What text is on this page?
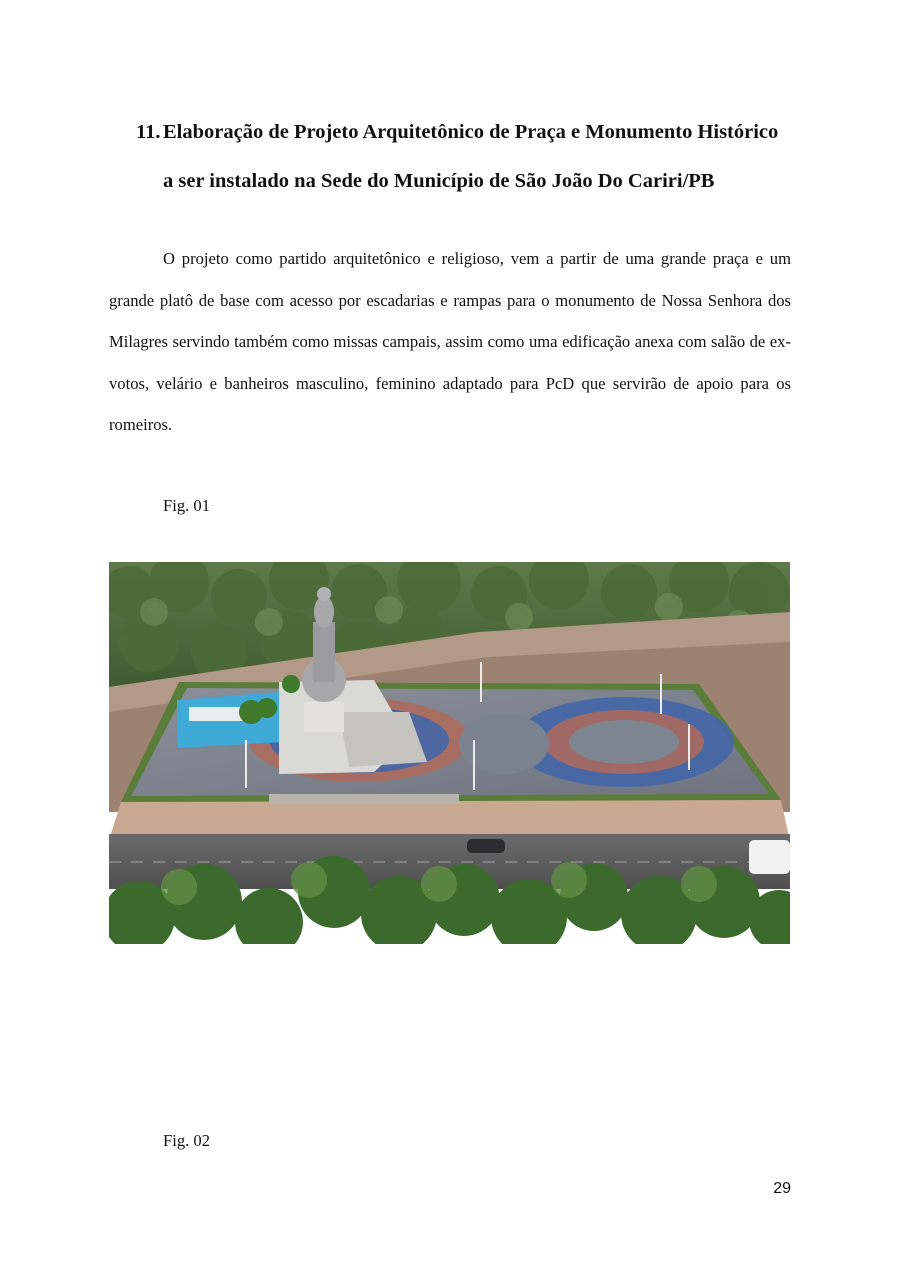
11. Elaboração de Projeto Arquitetônico de Praça e Monumento Histórico
a ser instalado na Sede do Município de São João Do Cariri/PB

O projeto como partido arquitetônico e religioso, vem a partir de uma grande praça e um grande platô de base com acesso por escadarias e rampas para o monumento de Nossa Senhora dos Milagres servindo também como missas campais, assim como uma edificação anexa com salão de ex-votos, velário e banheiros masculino, feminino adaptado para PcD que servirão de apoio para os romeiros.

Fig. 01
Fig. 02
29
